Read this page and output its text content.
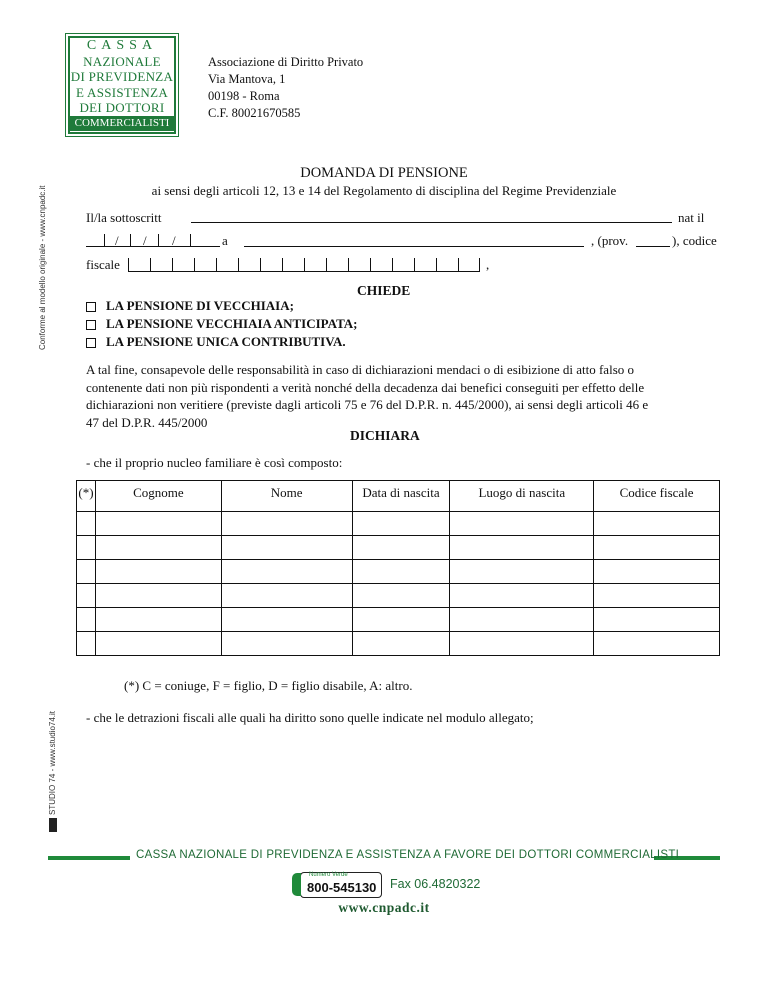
CASSA
NAZIONALE
DI PREVIDENZA
E ASSISTENZA
DEI DOTTORI
COMMERCIALISTI
Associazione di Diritto Privato
Via Mantova, 1
00198 - Roma
C.F. 80021670585
Conforme al modello originale - www.cnpadc.it
STUDIO 74 - www.studio74.it
DOMANDA DI PENSIONE
ai sensi degli articoli 12, 13 e 14 del Regolamento di disciplina del Regime Previdenziale
Il/la sottoscritt	nat il
/ / /	a	, (prov.	), codice
fiscale	,
CHIEDE
LA PENSIONE DI VECCHIAIA;
LA PENSIONE VECCHIAIA ANTICIPATA;
LA PENSIONE UNICA CONTRIBUTIVA.
A tal fine, consapevole delle responsabilità in caso di dichiarazioni mendaci o di esibizione di atto falso o
contenente dati non più rispondenti a verità nonché della decadenza dai benefici conseguiti per effetto delle
dichiarazioni non veritiere (previste dagli articoli 75 e 76 del D.P.R. n. 445/2000), ai sensi degli articoli 46 e
47 del D.P.R. 445/2000
DICHIARA
- che il proprio nucleo familiare è così composto:
(*)	Cognome	Nome	Data di nascita	Luogo di nascita	Codice fiscale

(*) C = coniuge, F = figlio, D = figlio disabile, A: altro.
- che le detrazioni fiscali alle quali ha diritto sono quelle indicate nel modulo allegato;
CASSA NAZIONALE DI PREVIDENZA E ASSISTENZA A FAVORE DEI DOTTORI COMMERCIALISTI
Numero Verde
800-545130 Fax 06.4820322
www.cnpadc.it
